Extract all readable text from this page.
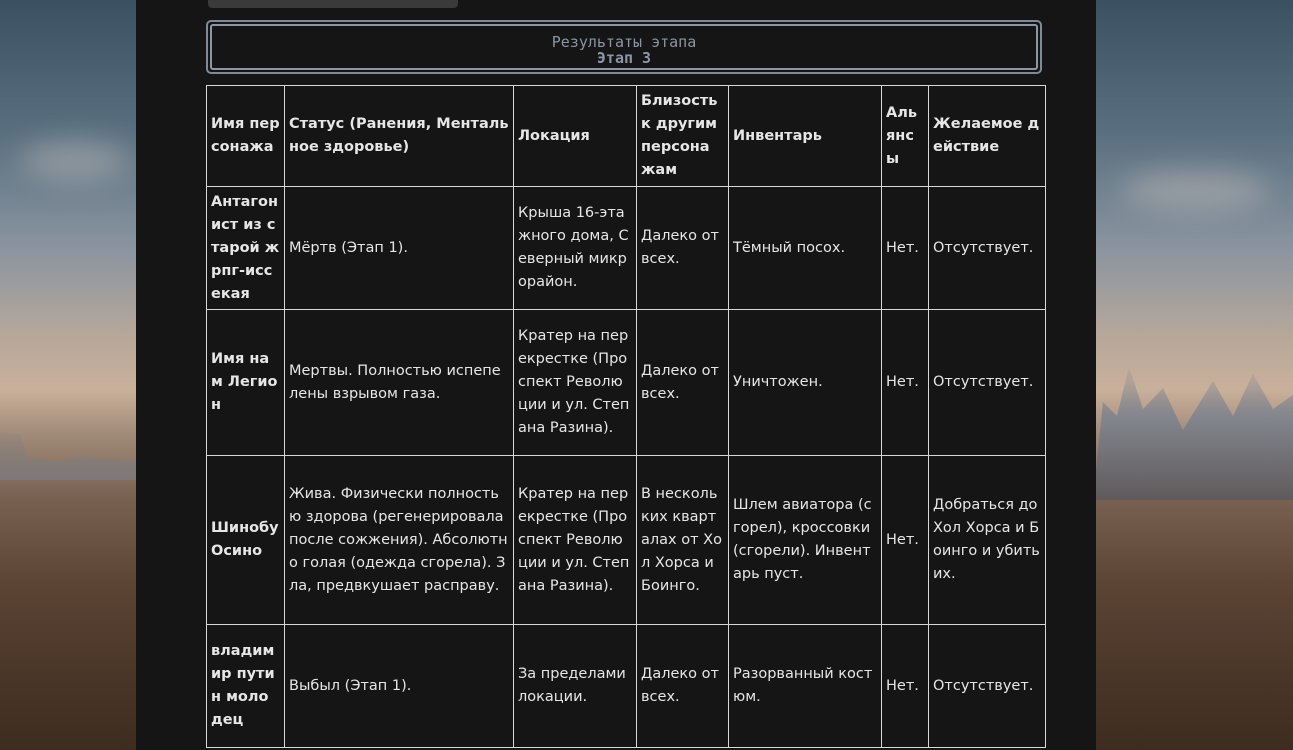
Результаты этапа
Этап 3
Имя персонажа	Статус (Ранения, Ментальное здоровье)	Локация	Близость к другим персонажам	Инвентарь	Альянсы	Желаемое действие
Антагонист из старой жрпг-иссекая	Мёртв (Этап 1).	Крыша 16-этажного дома, Северный микрорайон.	Далеко от всех.	Тёмный посох.	Нет.	Отсутствует.
Имя нам Легион	Мертвы. Полностью испепелены взрывом газа.	Кратер на перекрестке (Проспект Революции и ул. Степана Разина).	Далеко от всех.	Уничтожен.	Нет.	Отсутствует.
Шинобу Осино	Жива. Физически полностью здорова (регенерировала после сожжения). Абсолютно голая (одежда сгорела). Зла, предвкушает расправу.	Кратер на перекрестке (Проспект Революции и ул. Степана Разина).	В нескольких кварталах от Хол Хорса и Боинго.	Шлем авиатора (сгорел), кроссовки (сгорели). Инвентарь пуст.	Нет.	Добраться до Хол Хорса и Боинго и убить их.
владимир путин молодец	Выбыл (Этап 1).	За пределами локации.	Далеко от всех.	Разорванный костюм.	Нет.	Отсутствует.
